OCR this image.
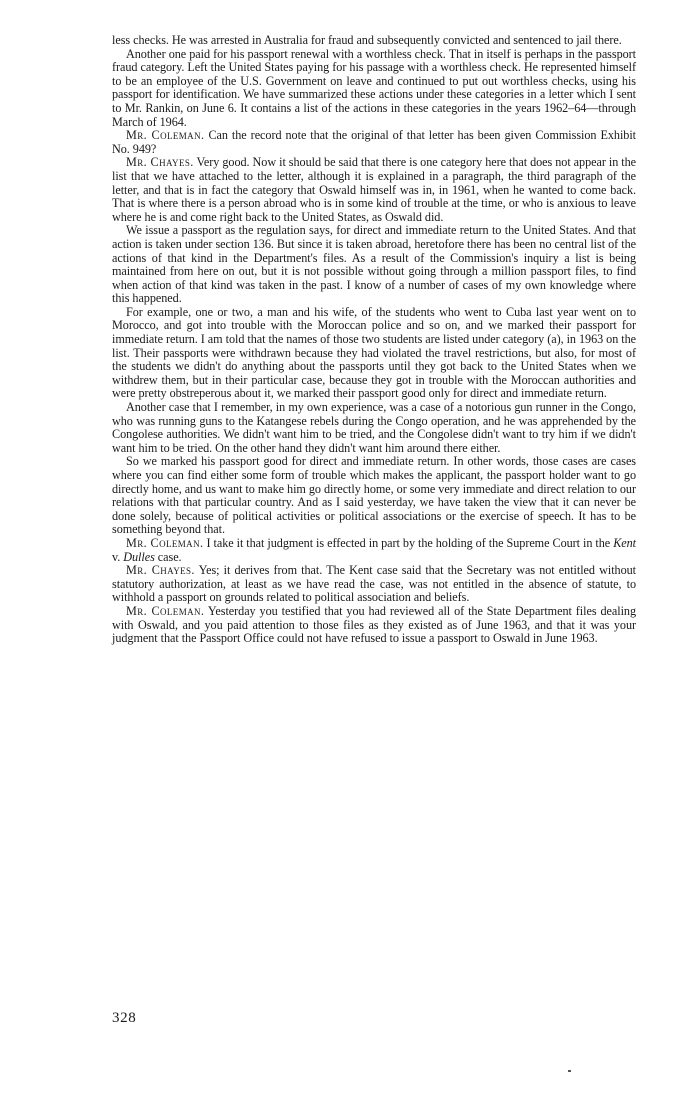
less checks. He was arrested in Australia for fraud and subsequently convicted and sentenced to jail there.

Another one paid for his passport renewal with a worthless check. That in itself is perhaps in the passport fraud category. Left the United States paying for his passage with a worthless check. He represented himself to be an employee of the U.S. Government on leave and continued to put out worthless checks, using his passport for identification. We have summarized these actions under these categories in a letter which I sent to Mr. Rankin, on June 6. It contains a list of the actions in these categories in the years 1962–64—through March of 1964.

Mr. Coleman. Can the record note that the original of that letter has been given Commission Exhibit No. 949?

Mr. Chayes. Very good. Now it should be said that there is one category here that does not appear in the list that we have attached to the letter, although it is explained in a paragraph, the third paragraph of the letter, and that is in fact the category that Oswald himself was in, in 1961, when he wanted to come back. That is where there is a person abroad who is in some kind of trouble at the time, or who is anxious to leave where he is and come right back to the United States, as Oswald did.

We issue a passport as the regulation says, for direct and immediate return to the United States. And that action is taken under section 136. But since it is taken abroad, heretofore there has been no central list of the actions of that kind in the Department's files. As a result of the Commission's inquiry a list is being maintained from here on out, but it is not possible without going through a million passport files, to find when action of that kind was taken in the past. I know of a number of cases of my own knowledge where this happened.

For example, one or two, a man and his wife, of the students who went to Cuba last year went on to Morocco, and got into trouble with the Moroccan police and so on, and we marked their passport for immediate return. I am told that the names of those two students are listed under category (a), in 1963 on the list. Their passports were withdrawn because they had violated the travel restrictions, but also, for most of the students we didn't do anything about the passports until they got back to the United States when we withdrew them, but in their particular case, because they got in trouble with the Moroccan authorities and were pretty obstreperous about it, we marked their passport good only for direct and immediate return.

Another case that I remember, in my own experience, was a case of a notorious gun runner in the Congo, who was running guns to the Katangese rebels during the Congo operation, and he was apprehended by the Congolese authorities. We didn't want him to be tried, and the Congolese didn't want to try him if we didn't want him to be tried. On the other hand they didn't want him around there either.

So we marked his passport good for direct and immediate return. In other words, those cases are cases where you can find either some form of trouble which makes the applicant, the passport holder want to go directly home, and us want to make him go directly home, or some very immediate and direct relation to our relations with that particular country. And as I said yesterday, we have taken the view that it can never be done solely, because of political activities or political associations or the exercise of speech. It has to be something beyond that.

Mr. Coleman. I take it that judgment is effected in part by the holding of the Supreme Court in the Kent v. Dulles case.

Mr. Chayes. Yes; it derives from that. The Kent case said that the Secretary was not entitled without statutory authorization, at least as we have read the case, was not entitled in the absence of statute, to withhold a passport on grounds related to political association and beliefs.

Mr. Coleman. Yesterday you testified that you had reviewed all of the State Department files dealing with Oswald, and you paid attention to those files as they existed as of June 1963, and that it was your judgment that the Passport Office could not have refused to issue a passport to Oswald in June 1963.

328
